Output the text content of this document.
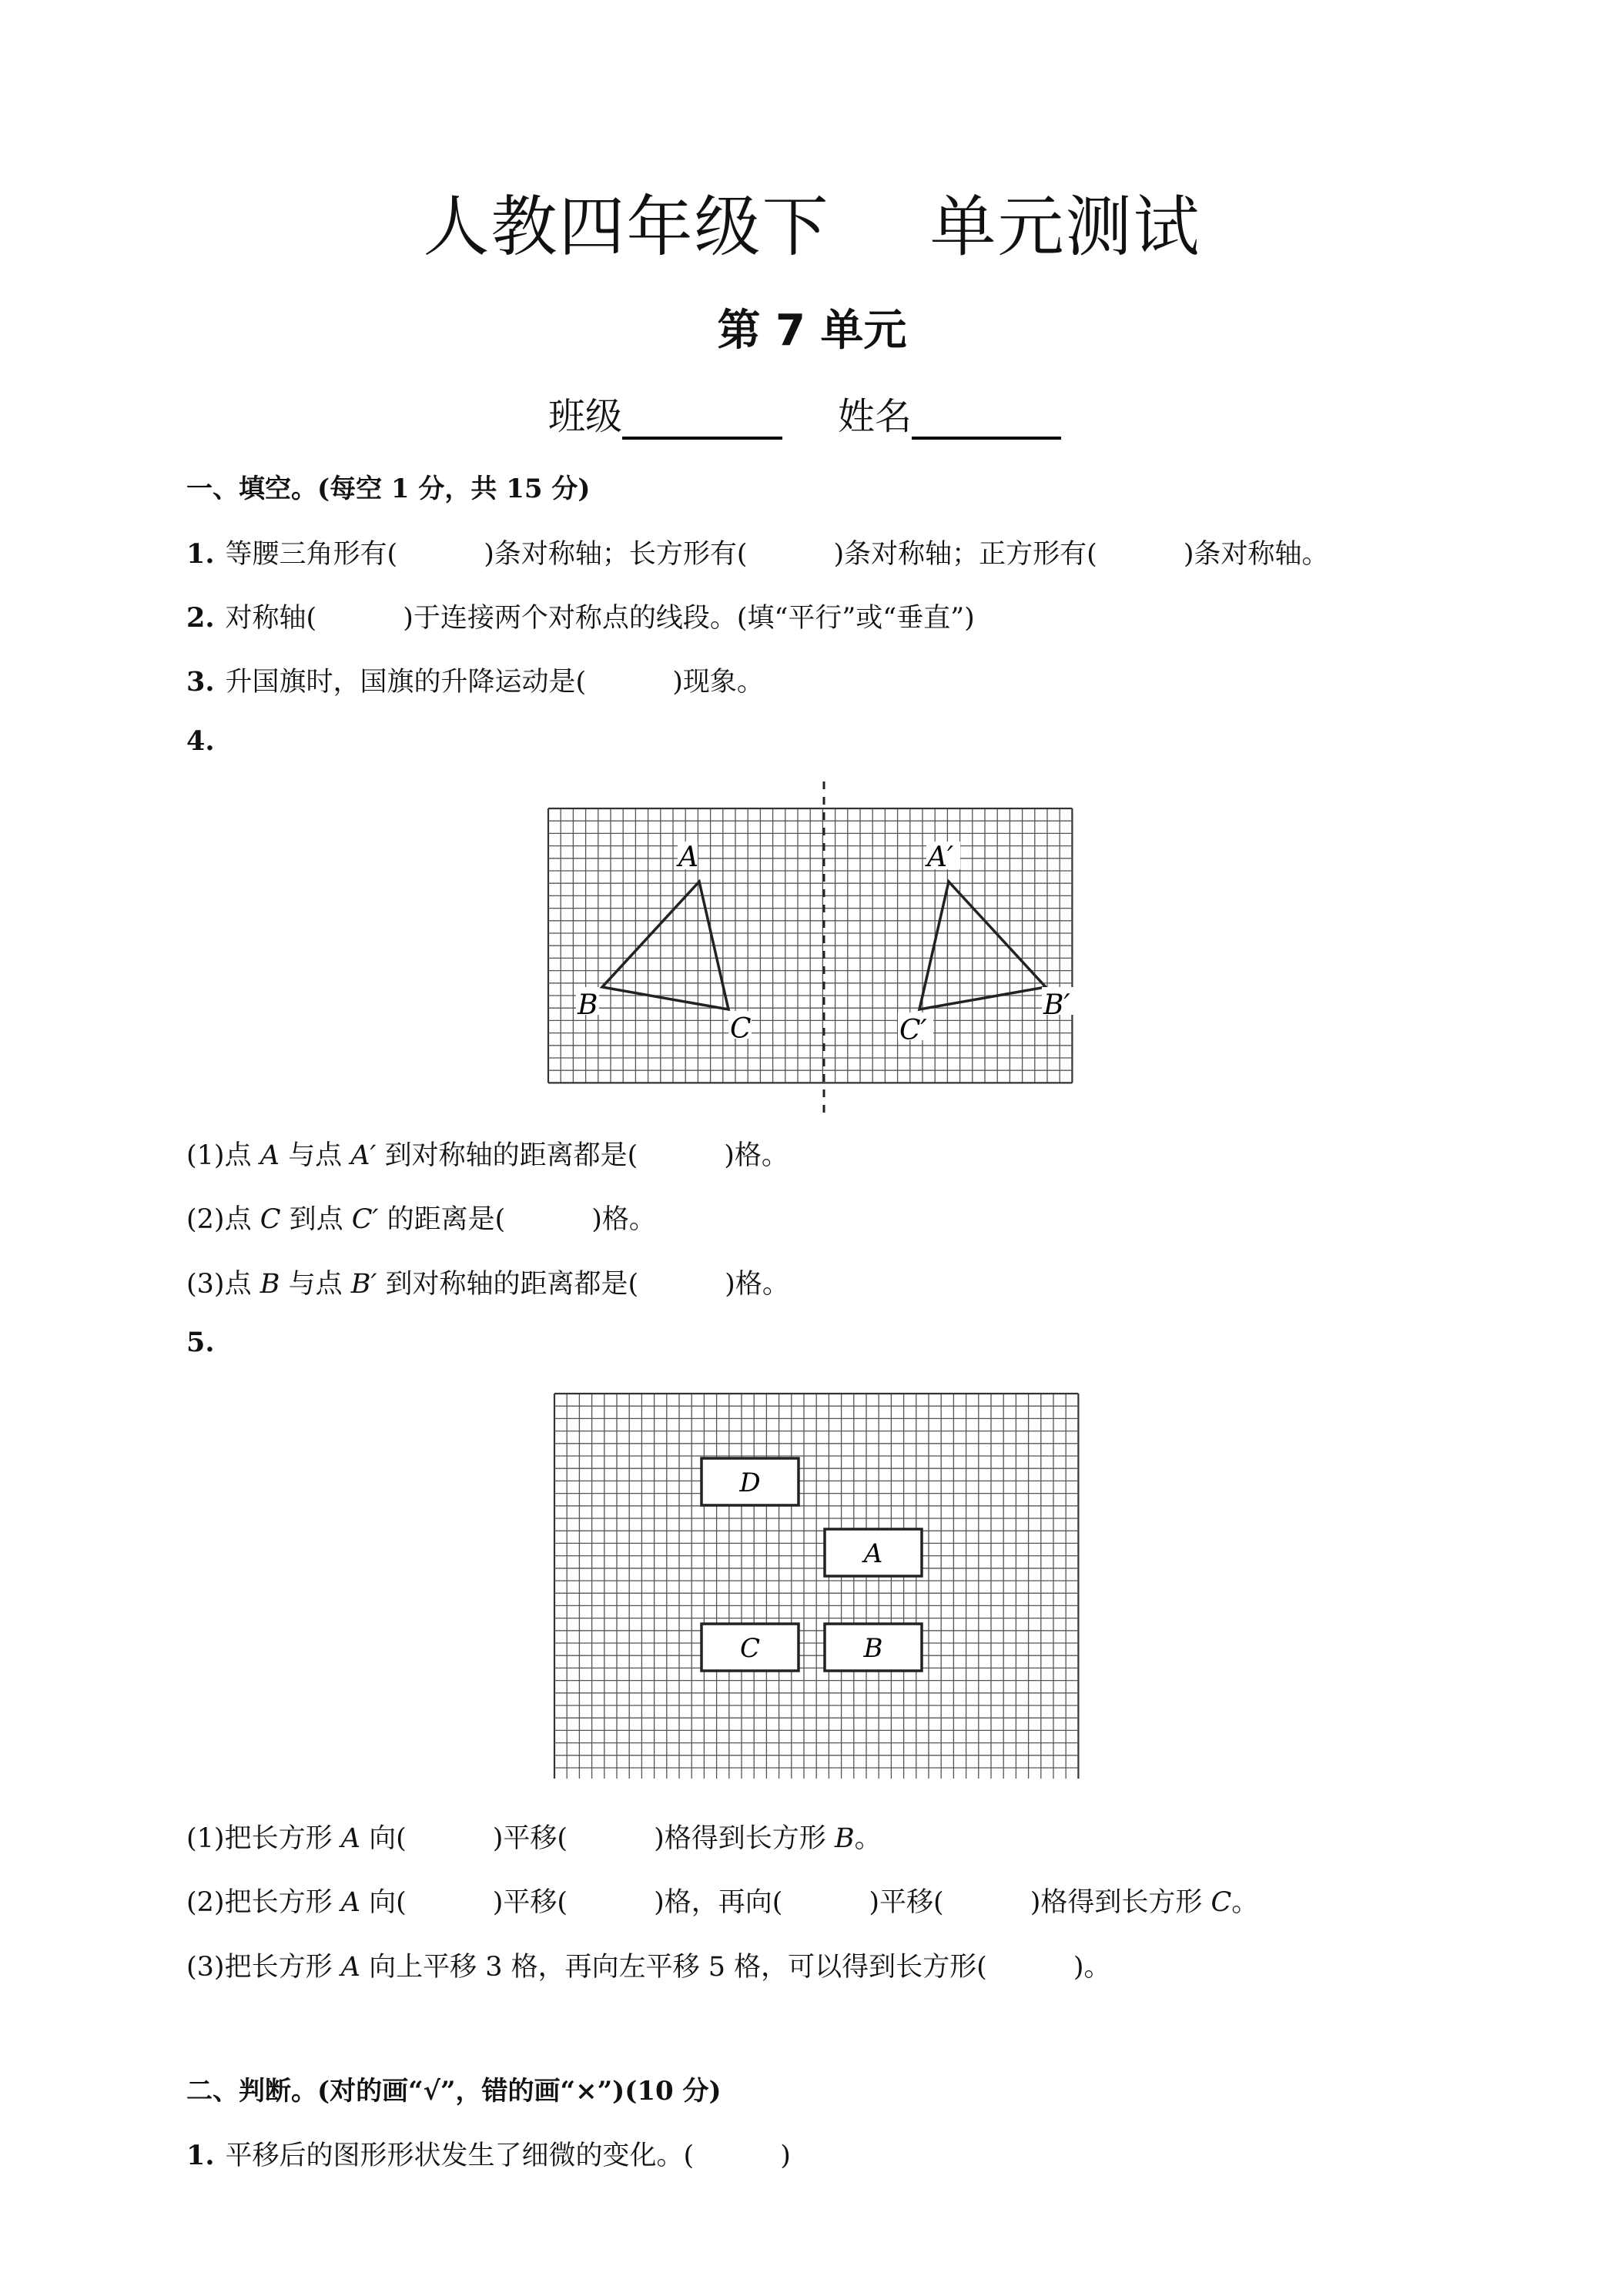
人教四年级下 单元测试
第 7 单元
班级	姓名
一、填空。(每空 1 分，共 15 分)
1. 等腰三角形有(	)条对称轴；长方形有(	)条对称轴；正方形有(	)条对称轴。
2. 对称轴(	)于连接两个对称点的线段。(填“平行”或“垂直”)
3. 升国旗时，国旗的升降运动是(	)现象。
4.
A
B
C
A′
B′
C′
(1)点 A 与点 A′ 到对称轴的距离都是(	)格。
(2)点 C 到点 C′ 的距离是(	)格。
(3)点 B 与点 B′ 到对称轴的距离都是(	)格。
5.
D
A
C	B
(1)把长方形 A 向(	)平移(	)格得到长方形 B。
(2)把长方形 A 向(	)平移(	)格，再向(	)平移(	)格得到长方形 C。
(3)把长方形 A 向上平移 3 格，再向左平移 5 格，可以得到长方形(	)。
二、判断。(对的画“√”，错的画“×”)(10 分)
1. 平移后的图形形状发生了细微的变化。(	)
